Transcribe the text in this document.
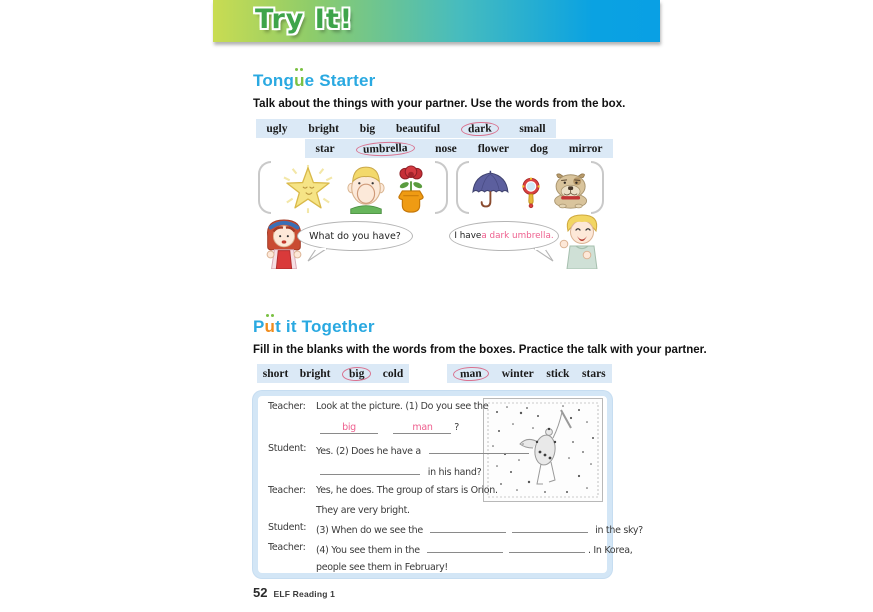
Try It!
Tongue Starter
Talk about the things with your partner. Use the words from the box.
ugly bright big beautiful	dark	small
star	umbrella	nose flower dog mirror
What do you have?	I have a dark umbrella .
Put it Together
Fill in the blanks with the words from the boxes. Practice the talk with your partner.
short bright	big	cold	man	winter stick stars
Teacher: Look at the picture. (1) Do you see the
big	man ?
Student: Yes. (2) Does he have a
in his hand?
Teacher: Yes, he does. The group of stars is Orion.
They are very bright.
Student: (3) When do we see the	in the sky?
Teacher: (4) You see them in the	. In Korea,
people see them in February!
52 ELF Reading 1
